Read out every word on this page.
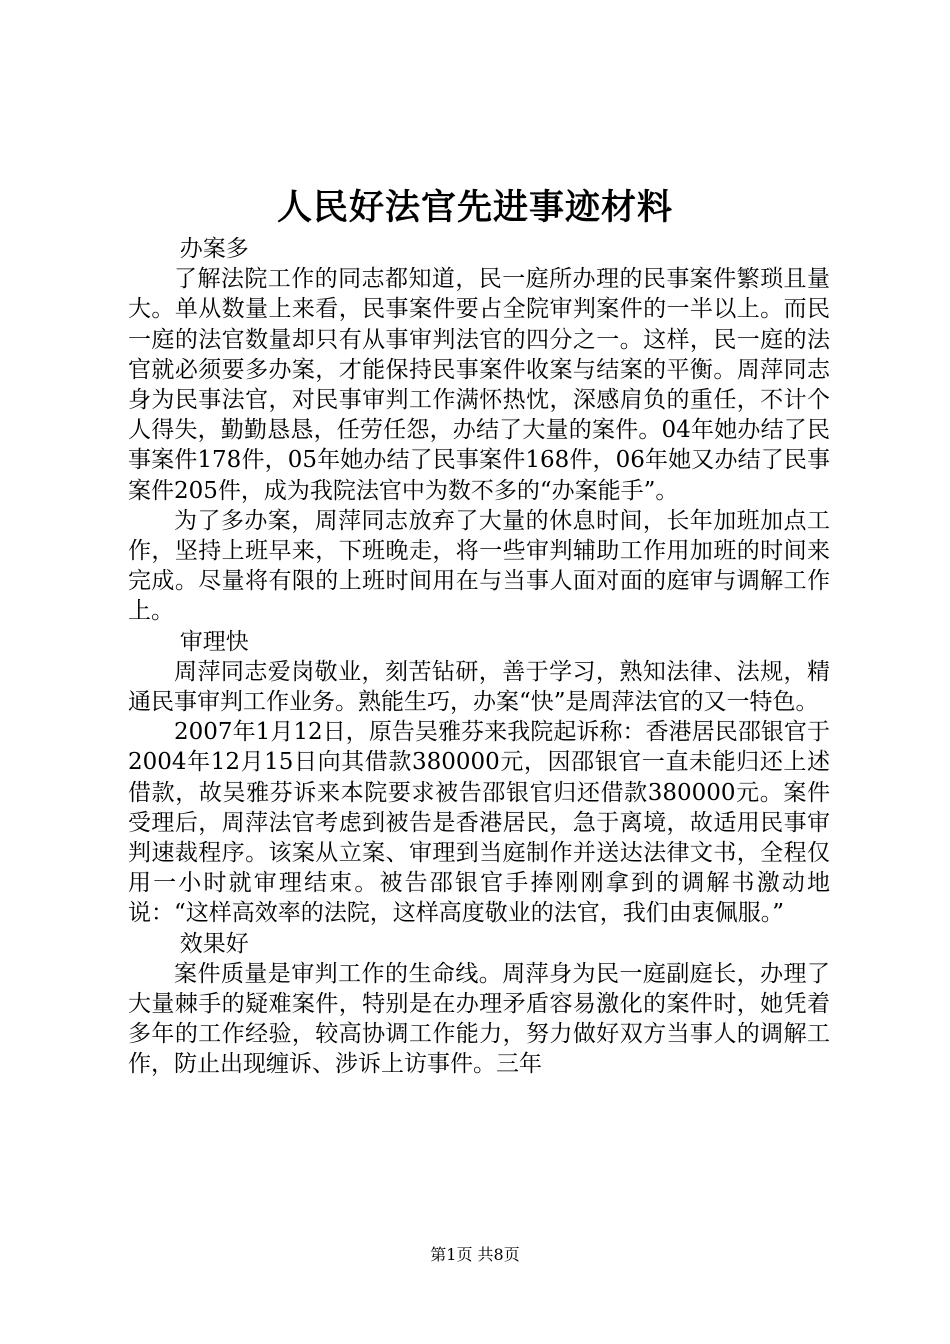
人民好法官先进事迹材料

办案多

了解法院工作的同志都知道，民一庭所办理的民事案件繁琐且量大。单从数量上来看，民事案件要占全院审判案件的一半以上。而民一庭的法官数量却只有从事审判法官的四分之一。这样，民一庭的法官就必须要多办案，才能保持民事案件收案与结案的平衡。周萍同志身为民事法官，对民事审判工作满怀热忱，深感肩负的重任，不计个人得失，勤勤恳恳，任劳任怨，办结了大量的案件。04年她办结了民事案件178件，05年她办结了民事案件168件，06年她又办结了民事案件205件，成为我院法官中为数不多的“办案能手”。

为了多办案，周萍同志放弃了大量的休息时间，长年加班加点工作，坚持上班早来，下班晚走，将一些审判辅助工作用加班的时间来完成。尽量将有限的上班时间用在与当事人面对面的庭审与调解工作上。

审理快

周萍同志爱岗敬业，刻苦钻研，善于学习，熟知法律、法规，精通民事审判工作业务。熟能生巧，办案“快”是周萍法官的又一特色。

2007年1月12日，原告吴雅芬来我院起诉称：香港居民邵银官于2004年12月15日向其借款380000元，因邵银官一直未能归还上述借款，故吴雅芬诉来本院要求被告邵银官归还借款380000元。案件受理后，周萍法官考虑到被告是香港居民，急于离境，故适用民事审判速裁程序。该案从立案、审理到当庭制作并送达法律文书，全程仅用一小时就审理结束。被告邵银官手捧刚刚拿到的调解书激动地说：“这样高效率的法院，这样高度敬业的法官，我们由衷佩服。”

效果好

案件质量是审判工作的生命线。周萍身为民一庭副庭长，办理了大量棘手的疑难案件，特别是在办理矛盾容易激化的案件时，她凭着多年的工作经验，较高协调工作能力，努力做好双方当事人的调解工作，防止出现缠诉、涉诉上访事件。三年

第1页 共8页
